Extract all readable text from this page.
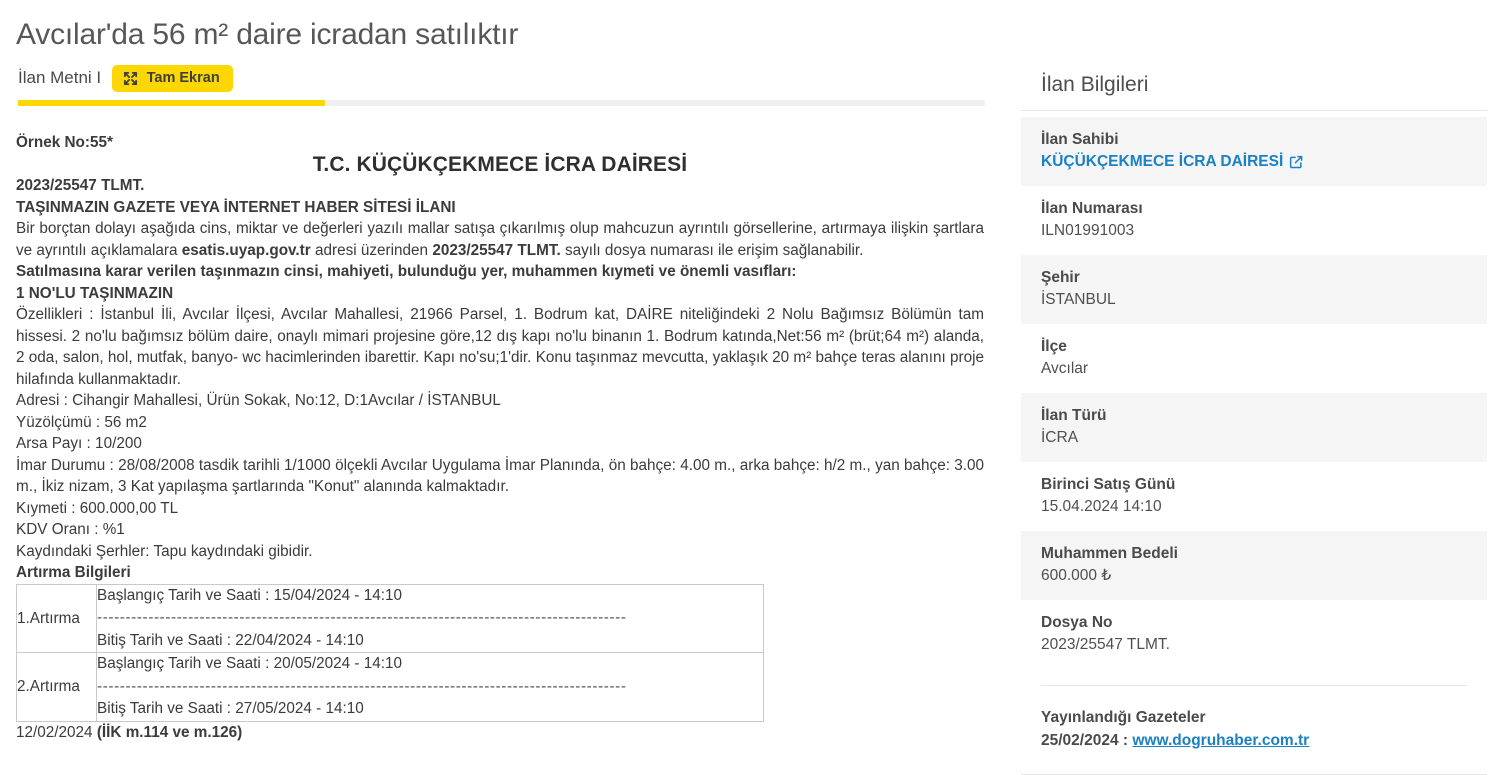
Avcılar'da 56 m² daire icradan satılıktır
İlan Metni I	Tam Ekran

Örnek No:55*

T.C. KÜÇÜKÇEKMECE İCRA DAİRESİ

2023/25547 TLMT.

TAŞINMAZIN GAZETE VEYA İNTERNET HABER SİTESİ İLANI

Bir borçtan dolayı aşağıda cins, miktar ve değerleri yazılı mallar satışa çıkarılmış olup mahcuzun ayrıntılı görsellerine, artırmaya ilişkin şartlara ve ayrıntılı açıklamalara esatis.uyap.gov.tr adresi üzerinden 2023/25547 TLMT. sayılı dosya numarası ile erişim sağlanabilir.

Satılmasına karar verilen taşınmazın cinsi, mahiyeti, bulunduğu yer, muhammen kıymeti ve önemli vasıfları:

1 NO'LU TAŞINMAZIN

Özellikleri : İstanbul İli, Avcılar İlçesi, Avcılar Mahallesi, 21966 Parsel, 1. Bodrum kat, DAİRE niteliğindeki 2 Nolu Bağımsız Bölümün tam hissesi. 2 no'lu bağımsız bölüm daire, onaylı mimari projesine göre,12 dış kapı no'lu binanın 1. Bodrum katında,Net:56 m² (brüt;64 m²) alanda, 2 oda, salon, hol, mutfak, banyo- wc hacimlerinden ibarettir. Kapı no'su;1'dir. Konu taşınmaz mevcutta, yaklaşık 20 m² bahçe teras alanını proje hilafında kullanmaktadır.

Adresi : Cihangir Mahallesi, Ürün Sokak, No:12, D:1Avcılar / İSTANBUL

Yüzölçümü : 56 m2

Arsa Payı : 10/200

İmar Durumu : 28/08/2008 tasdik tarihli 1/1000 ölçekli Avcılar Uygulama İmar Planında, ön bahçe: 4.00 m., arka bahçe: h/2 m., yan bahçe: 3.00 m., İkiz nizam, 3 Kat yapılaşma şartlarında "Konut" alanında kalmaktadır.

Kıymeti : 600.000,00 TL

KDV Oranı : %1

Kaydındaki Şerhler: Tapu kaydındaki gibidir.

Artırma Bilgileri

1.Artırma	Başlangıç Tarih ve Saati : 15/04/2024 - 14:10
---------------------------------------------------------------------------------------------
Bitiş Tarih ve Saati : 22/04/2024 - 14:10

2.Artırma	Başlangıç Tarih ve Saati : 20/05/2024 - 14:10
---------------------------------------------------------------------------------------------
Bitiş Tarih ve Saati : 27/05/2024 - 14:10

12/02/2024 (İİK m.114 ve m.126)

İlan Bilgileri
İlan Sahibi
KÜÇÜKÇEKMECE İCRA DAİRESİ
İlan Numarası
ILN01991003
Şehir
İSTANBUL
İlçe
Avcılar
İlan Türü
İCRA
Birinci Satış Günü
15.04.2024 14:10
Muhammen Bedeli
600.000 ₺
Dosya No
2023/25547 TLMT.
Yayınlandığı Gazeteler
25/02/2024 : www.dogruhaber.com.tr
